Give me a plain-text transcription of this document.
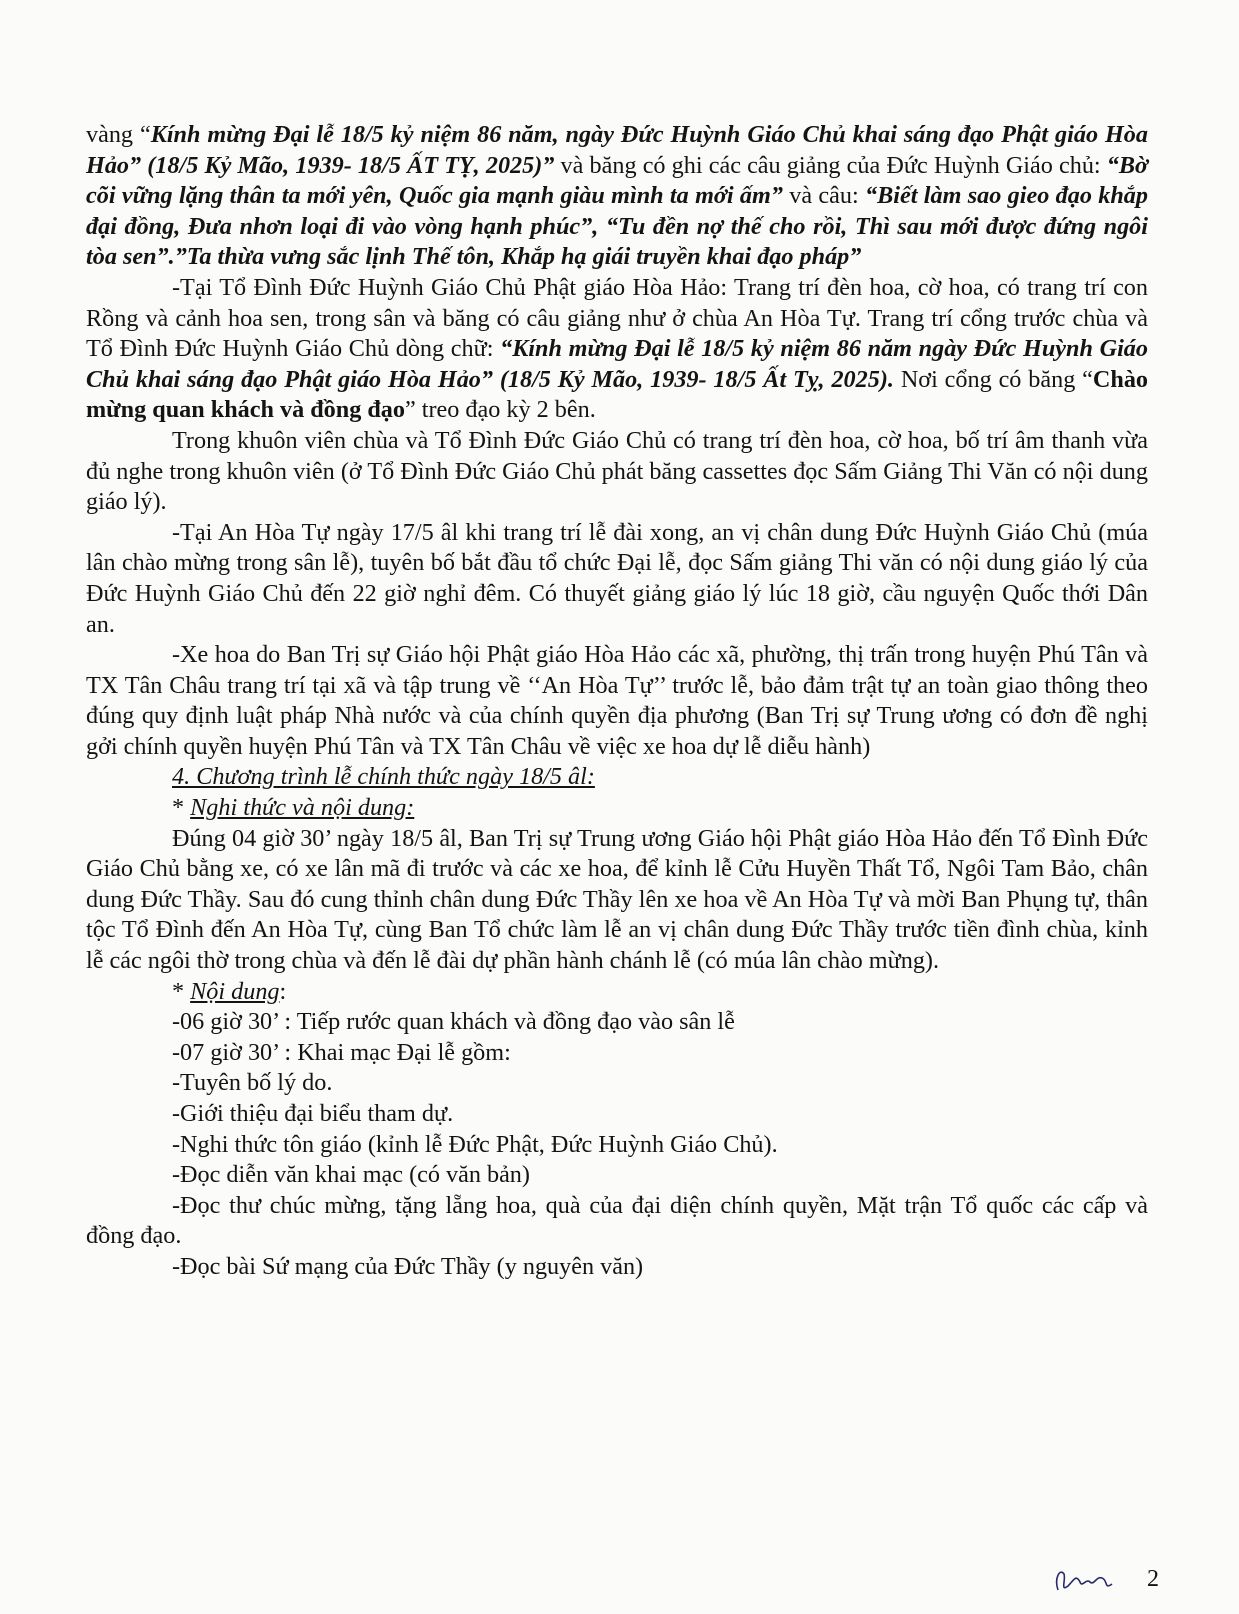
vàng “Kính mừng Đại lễ 18/5 kỷ niệm 86 năm, ngày Đức Huỳnh Giáo Chủ khai sáng đạo Phật giáo Hòa Hảo” (18/5 Kỷ Mão, 1939- 18/5 ẤT TỴ, 2025)” và băng có ghi các câu giảng của Đức Huỳnh Giáo chủ: “Bờ cõi vững lặng thân ta mới yên, Quốc gia mạnh giàu mình ta mới ấm” và câu: “Biết làm sao gieo đạo khắp đại đồng, Đưa nhơn loại đi vào vòng hạnh phúc”, “Tu đền nợ thế cho rồi, Thì sau mới được đứng ngôi tòa sen”.”Ta thừa vưng sắc lịnh Thế tôn, Khắp hạ giái truyền khai đạo pháp”

-Tại Tổ Đình Đức Huỳnh Giáo Chủ Phật giáo Hòa Hảo: Trang trí đèn hoa, cờ hoa, có trang trí con Rồng và cảnh hoa sen, trong sân và băng có câu giảng như ở chùa An Hòa Tự. Trang trí cổng trước chùa và Tổ Đình Đức Huỳnh Giáo Chủ dòng chữ: “Kính mừng Đại lễ 18/5 kỷ niệm 86 năm ngày Đức Huỳnh Giáo Chủ khai sáng đạo Phật giáo Hòa Hảo” (18/5 Kỷ Mão, 1939- 18/5 Ất Tỵ, 2025). Nơi cổng có băng “Chào mừng quan khách và đồng đạo” treo đạo kỳ 2 bên.

Trong khuôn viên chùa và Tổ Đình Đức Giáo Chủ có trang trí đèn hoa, cờ hoa, bố trí âm thanh vừa đủ nghe trong khuôn viên (ở Tổ Đình Đức Giáo Chủ phát băng cassettes đọc Sấm Giảng Thi Văn có nội dung giáo lý).

-Tại An Hòa Tự ngày 17/5 âl khi trang trí lễ đài xong, an vị chân dung Đức Huỳnh Giáo Chủ (múa lân chào mừng trong sân lễ), tuyên bố bắt đầu tổ chức Đại lễ, đọc Sấm giảng Thi văn có nội dung giáo lý của Đức Huỳnh Giáo Chủ đến 22 giờ nghỉ đêm. Có thuyết giảng giáo lý lúc 18 giờ, cầu nguyện Quốc thới Dân an.

-Xe hoa do Ban Trị sự Giáo hội Phật giáo Hòa Hảo các xã, phường, thị trấn trong huyện Phú Tân và TX Tân Châu trang trí tại xã và tập trung về ‘‘An Hòa Tự’’ trước lễ, bảo đảm trật tự an toàn giao thông theo đúng quy định luật pháp Nhà nước và của chính quyền địa phương (Ban Trị sự Trung ương có đơn đề nghị gởi chính quyền huyện Phú Tân và TX Tân Châu về việc xe hoa dự lễ diễu hành)

4. Chương trình lễ chính thức ngày 18/5 âl:

* Nghi thức và nội dung:

Đúng 04 giờ 30’ ngày 18/5 âl, Ban Trị sự Trung ương Giáo hội Phật giáo Hòa Hảo đến Tổ Đình Đức Giáo Chủ bằng xe, có xe lân mã đi trước và các xe hoa, để kỉnh lễ Cửu Huyền Thất Tổ, Ngôi Tam Bảo, chân dung Đức Thầy. Sau đó cung thỉnh chân dung Đức Thầy lên xe hoa về An Hòa Tự và mời Ban Phụng tự, thân tộc Tổ Đình đến An Hòa Tự, cùng Ban Tổ chức làm lễ an vị chân dung Đức Thầy trước tiền đình chùa, kỉnh lễ các ngôi thờ trong chùa và đến lễ đài dự phần hành chánh lễ (có múa lân chào mừng).

* Nội dung:

-06 giờ 30’ : Tiếp rước quan khách và đồng đạo vào sân lễ

-07 giờ 30’ : Khai mạc Đại lễ gồm:

-Tuyên bố lý do.

-Giới thiệu đại biểu tham dự.

-Nghi thức tôn giáo (kỉnh lễ Đức Phật, Đức Huỳnh Giáo Chủ).

-Đọc diễn văn khai mạc (có văn bản)

-Đọc thư chúc mừng, tặng lẵng hoa, quà của đại diện chính quyền, Mặt trận Tổ quốc các cấp và đồng đạo.

-Đọc bài Sứ mạng của Đức Thầy (y nguyên văn)

2
